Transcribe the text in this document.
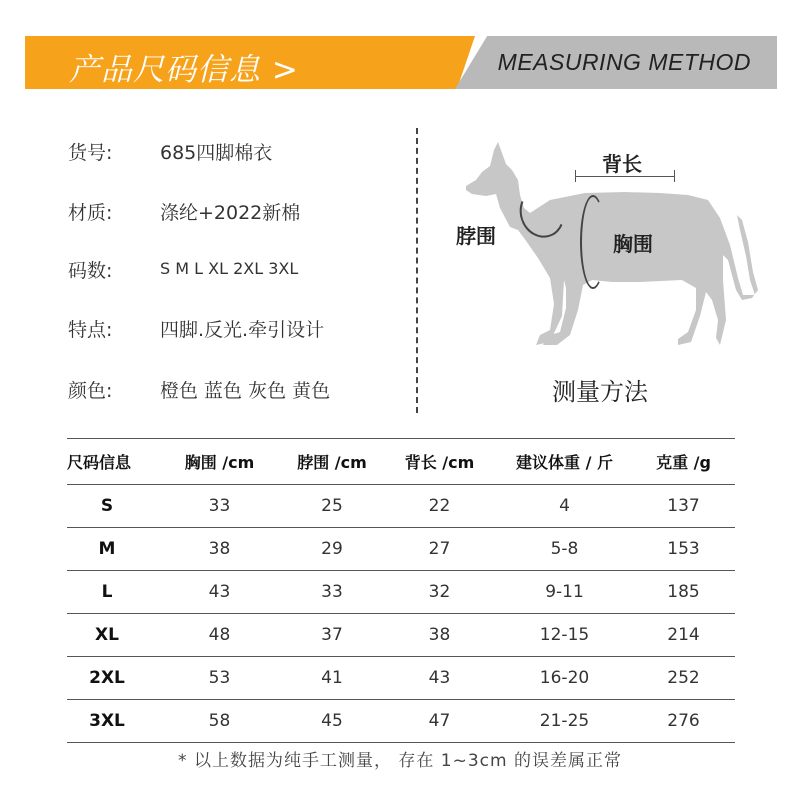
产品尺码信息 >	MEASURING METHOD
货号:	685四脚棉衣
材质:	涤纶+2022新棉
码数:	S M L XL 2XL 3XL
特点:	四脚.反光.牵引设计
颜色:	橙色 蓝色 灰色 黄色
背长
脖围	胸围
测量方法
尺码信息	胸围 /cm	脖围 /cm	背长 /cm	建议体重 / 斤	克重 /g
S	33	25	22	4	137
M	38	29	27	5-8	153
L	43	33	32	9-11	185
XL	48	37	38	12-15	214
2XL	53	41	43	16-20	252
3XL	58	45	47	21-25	276
* 以上数据为纯手工测量， 存在 1~3cm 的误差属正常
